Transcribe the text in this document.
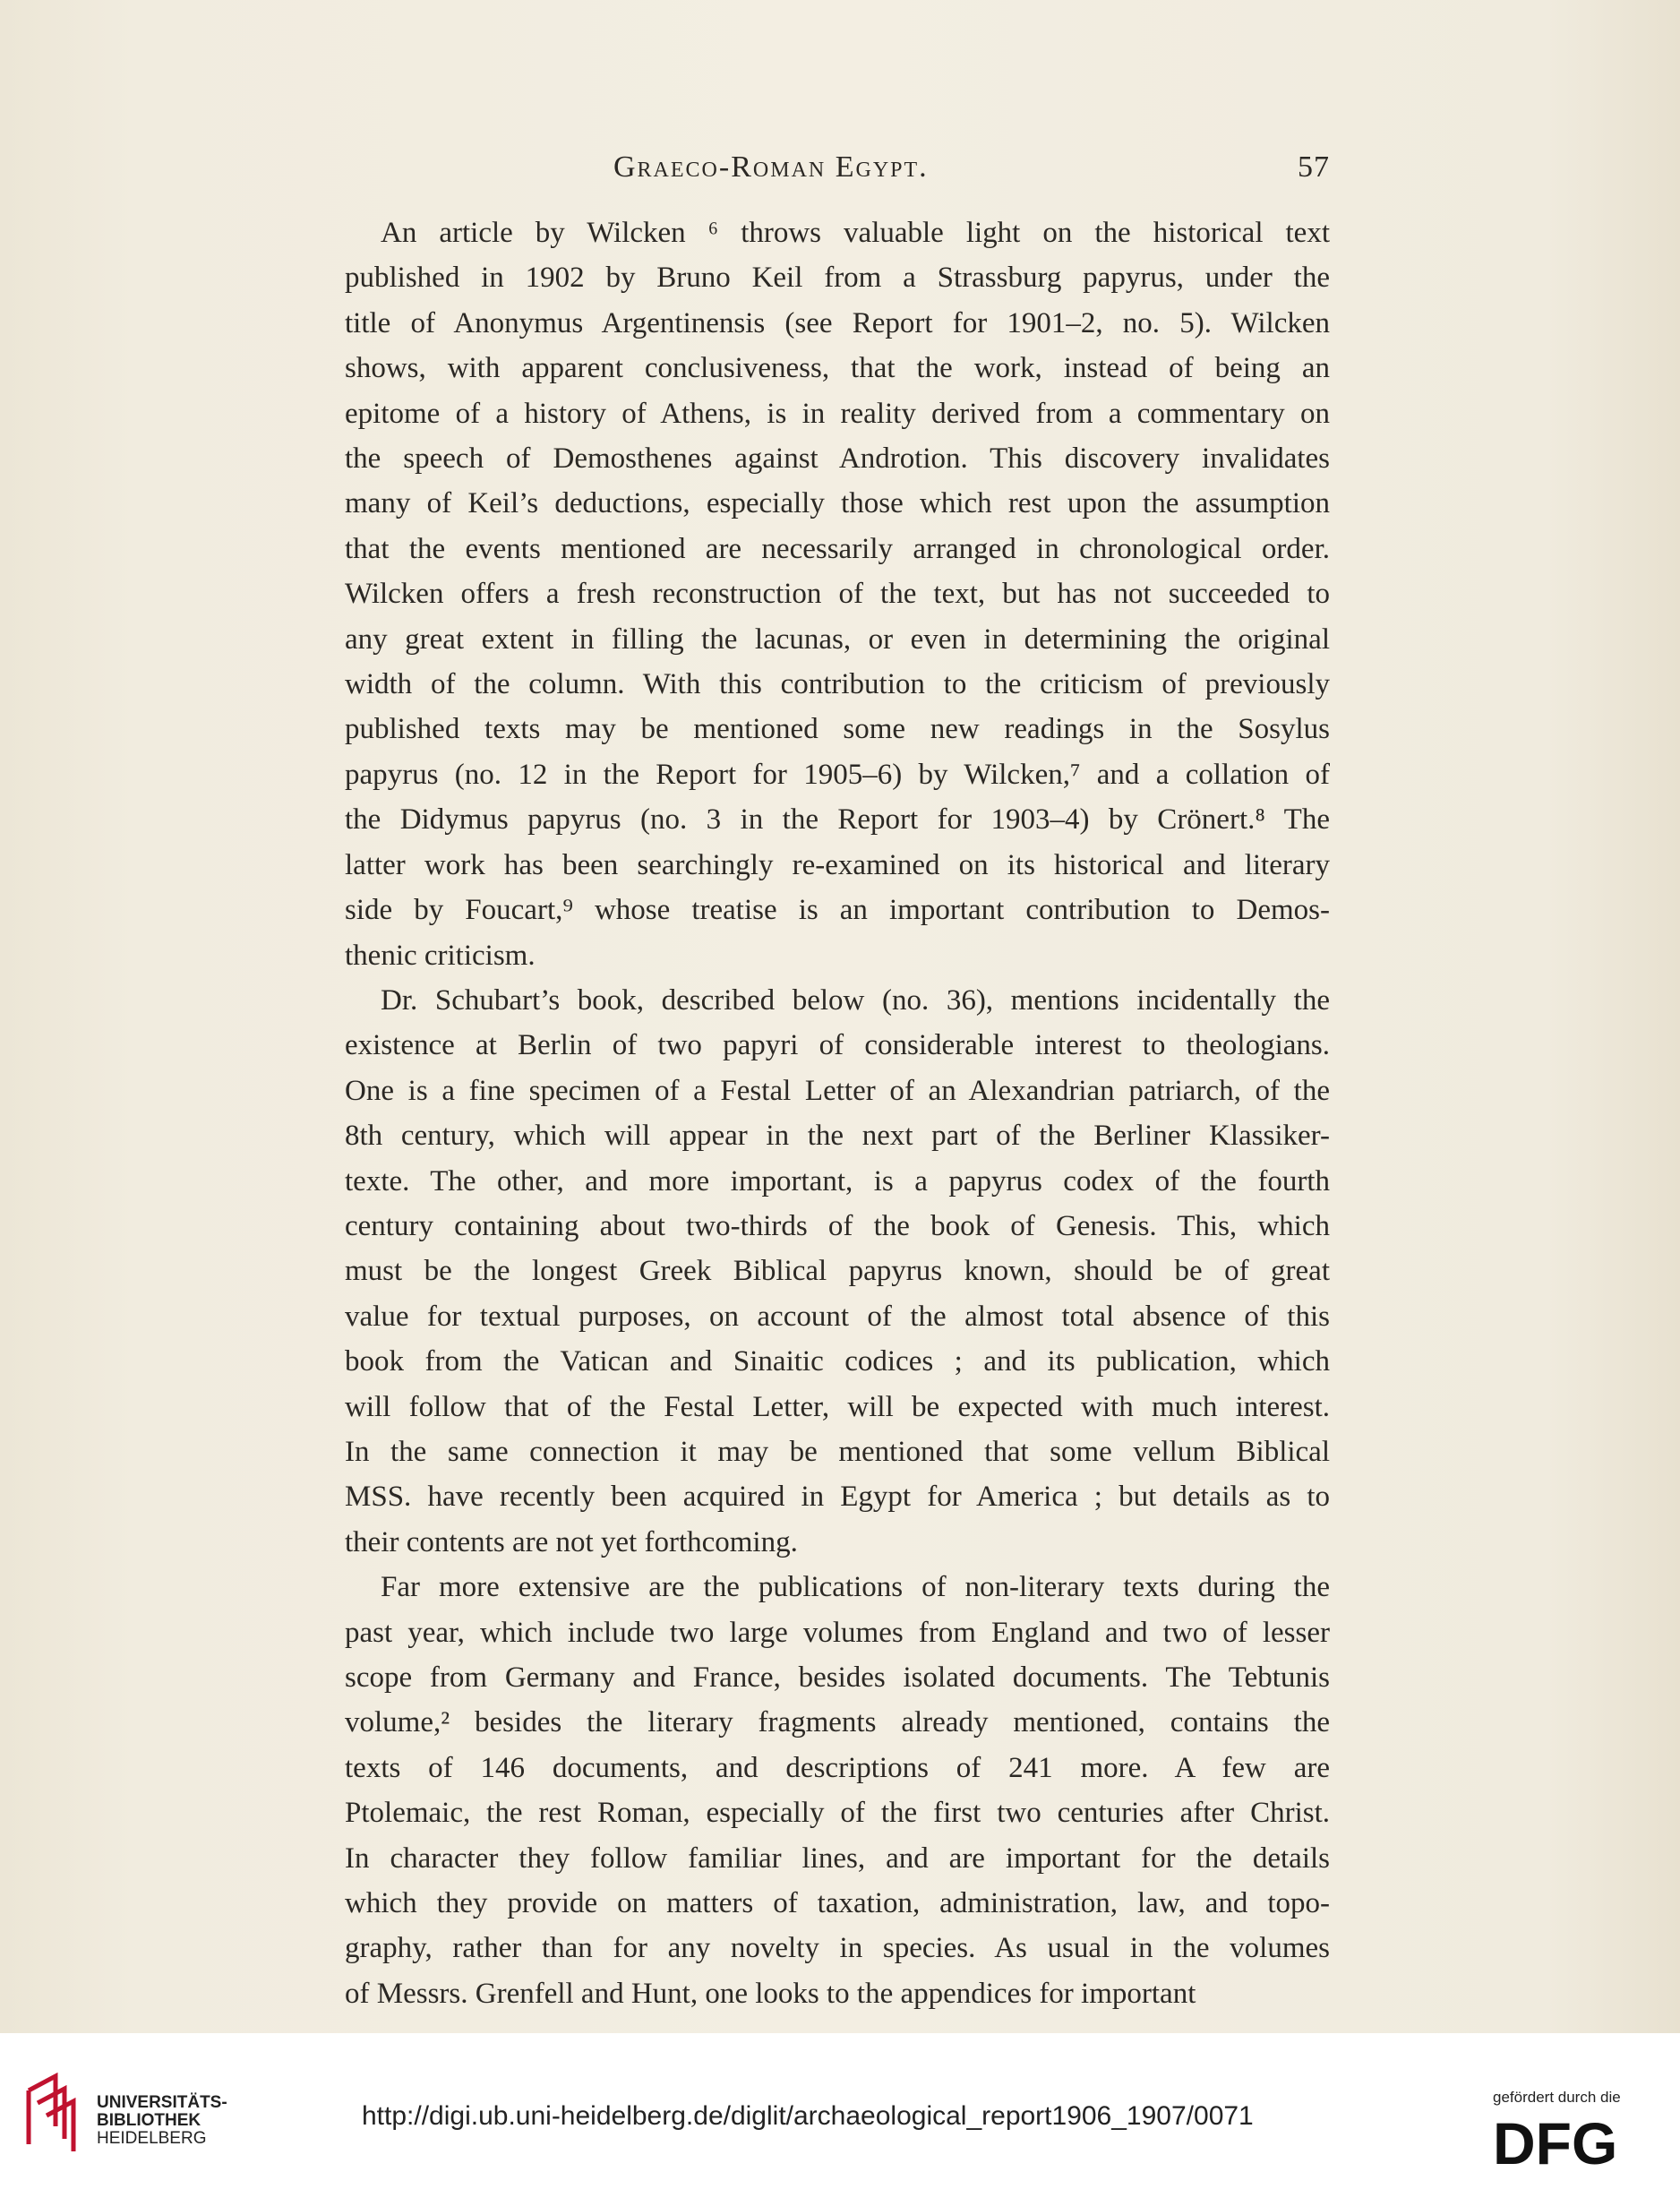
Graeco-Roman Egypt.	57
An article by Wilcken ⁶ throws valuable light on the historical text
published in 1902 by Bruno Keil from a Strassburg papyrus, under the
title of Anonymus Argentinensis (see Report for 1901–2, no. 5). Wilcken
shows, with apparent conclusiveness, that the work, instead of being an
epitome of a history of Athens, is in reality derived from a commentary on
the speech of Demosthenes against Androtion. This discovery invalidates
many of Keil’s deductions, especially those which rest upon the assumption
that the events mentioned are necessarily arranged in chronological order.
Wilcken offers a fresh reconstruction of the text, but has not succeeded to
any great extent in filling the lacunas, or even in determining the original
width of the column. With this contribution to the criticism of previously
published texts may be mentioned some new readings in the Sosylus
papyrus (no. 12 in the Report for 1905–6) by Wilcken,⁷ and a collation of
the Didymus papyrus (no. 3 in the Report for 1903–4) by Crönert.⁸ The
latter work has been searchingly re-examined on its historical and literary
side by Foucart,⁹ whose treatise is an important contribution to Demos-
thenic criticism.
Dr. Schubart’s book, described below (no. 36), mentions incidentally the
existence at Berlin of two papyri of considerable interest to theologians.
One is a fine specimen of a Festal Letter of an Alexandrian patriarch, of the
8th century, which will appear in the next part of the Berliner Klassiker-
texte. The other, and more important, is a papyrus codex of the fourth
century containing about two-thirds of the book of Genesis. This, which
must be the longest Greek Biblical papyrus known, should be of great
value for textual purposes, on account of the almost total absence of this
book from the Vatican and Sinaitic codices ; and its publication, which
will follow that of the Festal Letter, will be expected with much interest.
In the same connection it may be mentioned that some vellum Biblical
MSS. have recently been acquired in Egypt for America ; but details as to
their contents are not yet forthcoming.
Far more extensive are the publications of non-literary texts during the
past year, which include two large volumes from England and two of lesser
scope from Germany and France, besides isolated documents. The Tebtunis
volume,² besides the literary fragments already mentioned, contains the
texts of 146 documents, and descriptions of 241 more. A few are
Ptolemaic, the rest Roman, especially of the first two centuries after Christ.
In character they follow familiar lines, and are important for the details
which they provide on matters of taxation, administration, law, and topo-
graphy, rather than for any novelty in species. As usual in the volumes
of Messrs. Grenfell and Hunt, one looks to the appendices for important
UNIVERSITÄTS-
BIBLIOTHEK
HEIDELBERG
http://digi.ub.uni-heidelberg.de/diglit/archaeological_report1906_1907/0071
gefördert durch die
DFG
